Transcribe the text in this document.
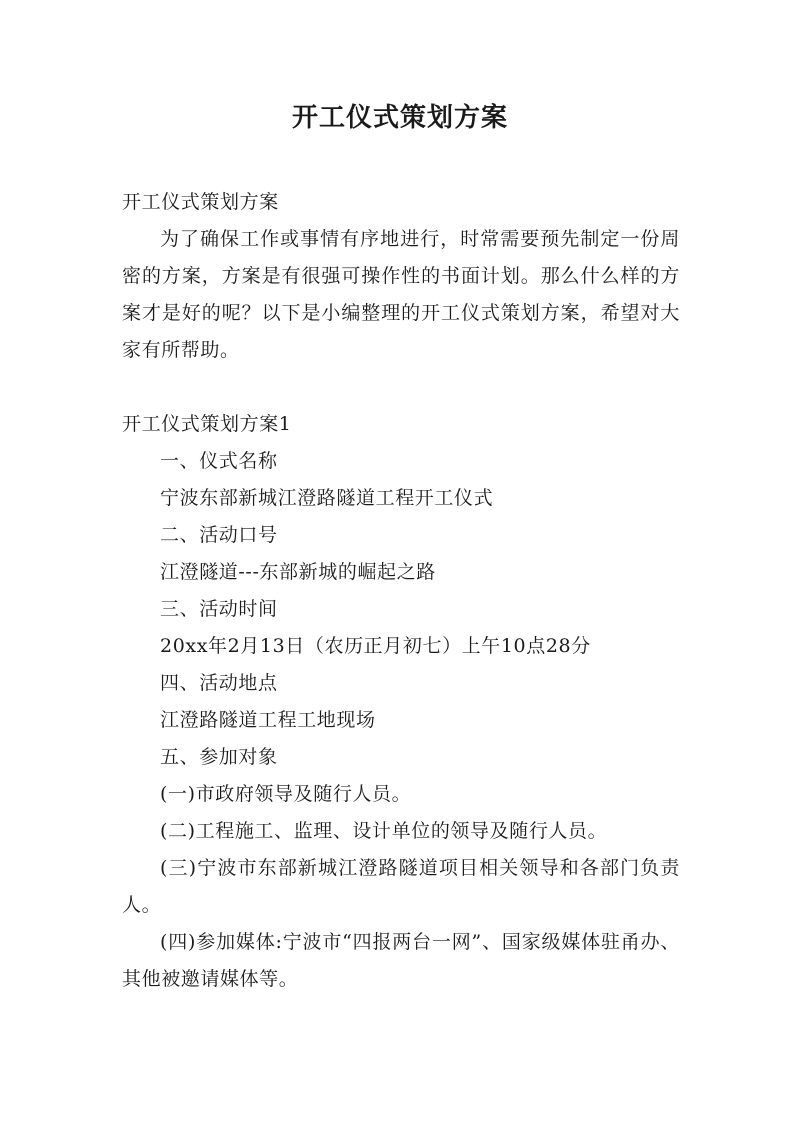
开工仪式策划方案

开工仪式策划方案

为了确保工作或事情有序地进行，时常需要预先制定一份周密的方案，方案是有很强可操作性的书面计划。那么什么样的方案才是好的呢？以下是小编整理的开工仪式策划方案，希望对大家有所帮助。

开工仪式策划方案1

一、仪式名称

宁波东部新城江澄路隧道工程开工仪式

二、活动口号

江澄隧道---东部新城的崛起之路

三、活动时间

20xx年2月13日（农历正月初七）上午10点28分

四、活动地点

江澄路隧道工程工地现场

五、参加对象

(一)市政府领导及随行人员。

(二)工程施工、监理、设计单位的领导及随行人员。

(三)宁波市东部新城江澄路隧道项目相关领导和各部门负责人。

(四)参加媒体:宁波市“四报两台一网”、国家级媒体驻甬办、其他被邀请媒体等。
